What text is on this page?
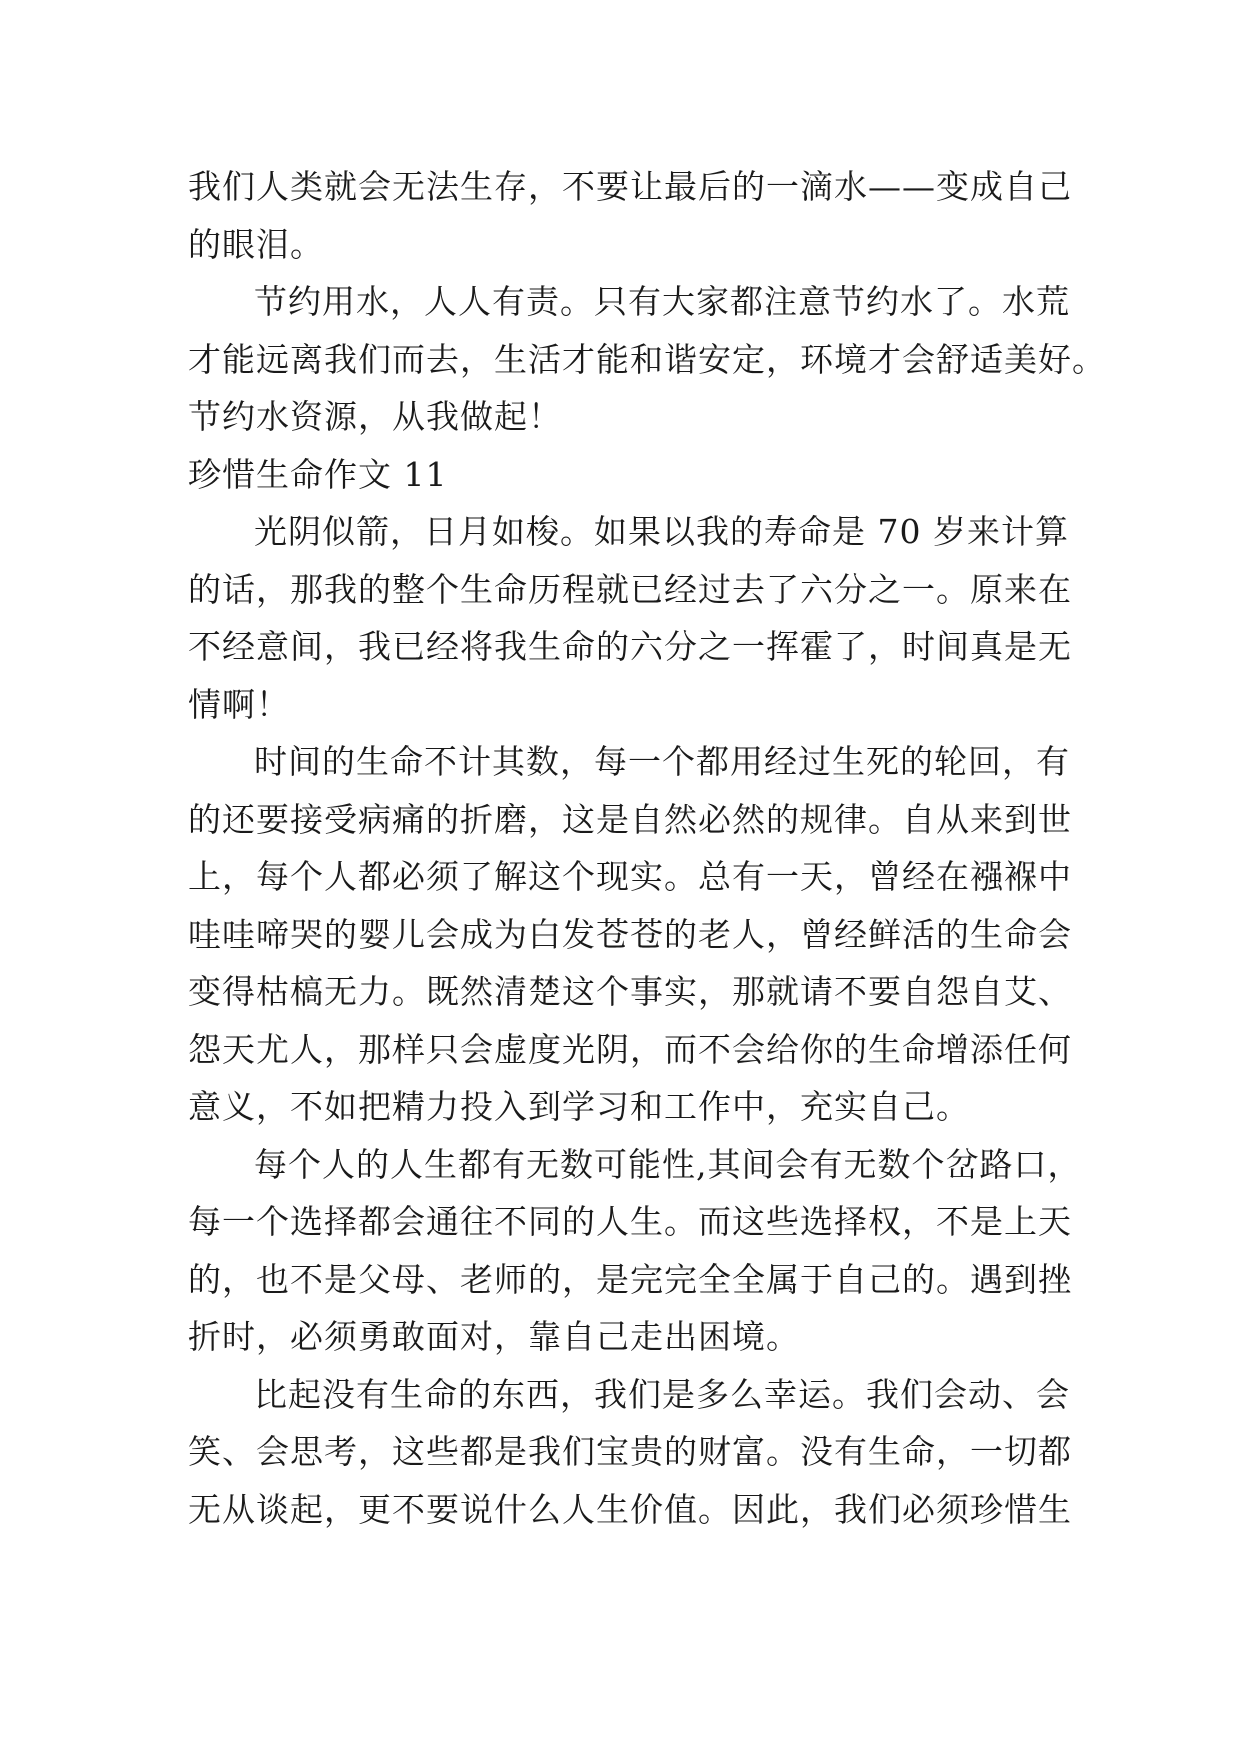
我们人类就会无法生存，不要让最后的一滴水——变成自己
的眼泪。
节约用水，人人有责。只有大家都注意节约水了。水荒
才能远离我们而去，生活才能和谐安定，环境才会舒适美好。
节约水资源，从我做起！
珍惜生命作文 11
光阴似箭，日月如梭。如果以我的寿命是 70 岁来计算
的话，那我的整个生命历程就已经过去了六分之一。原来在
不经意间，我已经将我生命的六分之一挥霍了，时间真是无
情啊！
时间的生命不计其数，每一个都用经过生死的轮回，有
的还要接受病痛的折磨，这是自然必然的规律。自从来到世
上，每个人都必须了解这个现实。总有一天，曾经在襁褓中
哇哇啼哭的婴儿会成为白发苍苍的老人，曾经鲜活的生命会
变得枯槁无力。既然清楚这个事实，那就请不要自怨自艾、
怨天尤人，那样只会虚度光阴，而不会给你的生命增添任何
意义，不如把精力投入到学习和工作中，充实自己。
每个人的人生都有无数可能性,其间会有无数个岔路口，
每一个选择都会通往不同的人生。而这些选择权，不是上天
的，也不是父母、老师的，是完完全全属于自己的。遇到挫
折时，必须勇敢面对，靠自己走出困境。
比起没有生命的东西，我们是多么幸运。我们会动、会
笑、会思考，这些都是我们宝贵的财富。没有生命，一切都
无从谈起，更不要说什么人生价值。因此，我们必须珍惜生
